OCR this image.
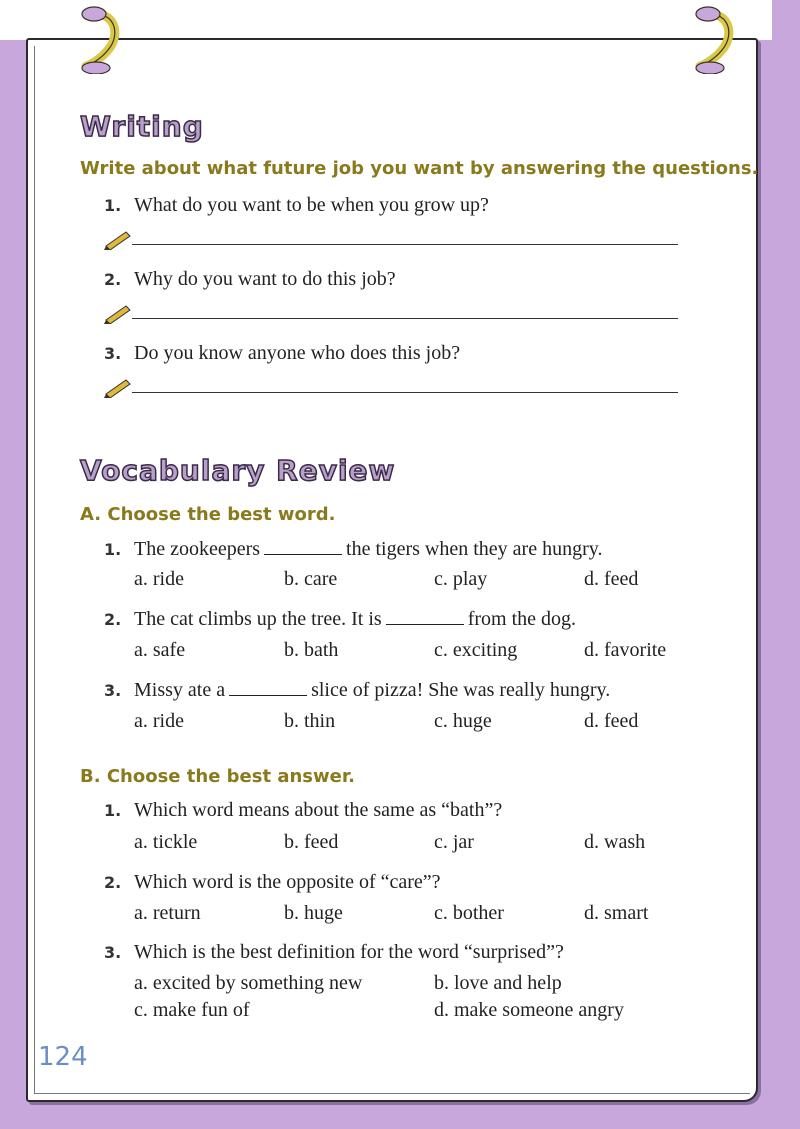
Writing
Write about what future job you want by answering the questions.
1. What do you want to be when you grow up?
2. Why do you want to do this job?
3. Do you know anyone who does this job?
Vocabulary Review
A. Choose the best word.
1. The zookeepers	the tigers when they are hungry.
a. ride	b. care	c. play	d. feed
2. The cat climbs up the tree. It is	from the dog.
a. safe	b. bath	c. exciting	d. favorite
3. Missy ate a	slice of pizza! She was really hungry.
a. ride	b. thin	c. huge	d. feed
B. Choose the best answer.
1. Which word means about the same as “bath”?
a. tickle	b. feed	c. jar	d. wash
2. Which word is the opposite of “care”?
a. return	b. huge	c. bother	d. smart
3. Which is the best definition for the word “surprised”?
a. excited by something new	b. love and help
c. make fun of	d. make someone angry
124
